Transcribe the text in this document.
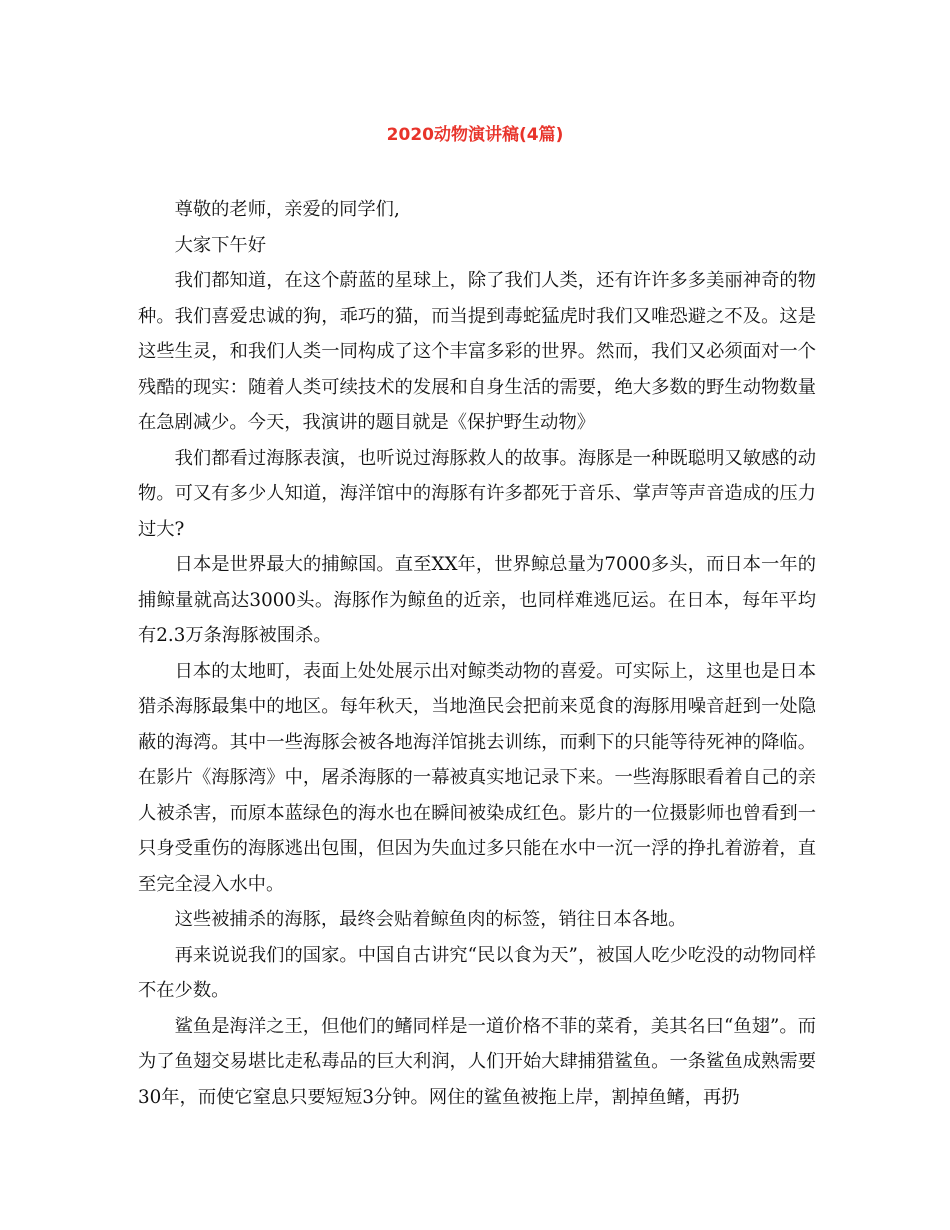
2020动物演讲稿(4篇)

尊敬的老师，亲爱的同学们,

大家下午好

我们都知道，在这个蔚蓝的星球上，除了我们人类，还有许许多多美丽神奇的物种。我们喜爱忠诚的狗，乖巧的猫，而当提到毒蛇猛虎时我们又唯恐避之不及。这是这些生灵，和我们人类一同构成了这个丰富多彩的世界。然而，我们又必须面对一个残酷的现实：随着人类可续技术的发展和自身生活的需要，绝大多数的野生动物数量在急剧减少。今天，我演讲的题目就是《保护野生动物》

我们都看过海豚表演，也听说过海豚救人的故事。海豚是一种既聪明又敏感的动物。可又有多少人知道，海洋馆中的海豚有许多都死于音乐、掌声等声音造成的压力过大?

日本是世界最大的捕鲸国。直至XX年，世界鲸总量为7000多头，而日本一年的捕鲸量就高达3000头。海豚作为鲸鱼的近亲，也同样难逃厄运。在日本，每年平均有2.3万条海豚被围杀。

日本的太地町，表面上处处展示出对鲸类动物的喜爱。可实际上，这里也是日本猎杀海豚最集中的地区。每年秋天，当地渔民会把前来觅食的海豚用噪音赶到一处隐蔽的海湾。其中一些海豚会被各地海洋馆挑去训练，而剩下的只能等待死神的降临。在影片《海豚湾》中，屠杀海豚的一幕被真实地记录下来。一些海豚眼看着自己的亲人被杀害，而原本蓝绿色的海水也在瞬间被染成红色。影片的一位摄影师也曾看到一只身受重伤的海豚逃出包围，但因为失血过多只能在水中一沉一浮的挣扎着游着，直至完全浸入水中。

这些被捕杀的海豚，最终会贴着鲸鱼肉的标签，销往日本各地。

再来说说我们的国家。中国自古讲究“民以食为天”，被国人吃少吃没的动物同样不在少数。

鲨鱼是海洋之王，但他们的鳍同样是一道价格不菲的菜肴，美其名曰“鱼翅”。而为了鱼翅交易堪比走私毒品的巨大利润，人们开始大肆捕猎鲨鱼。一条鲨鱼成熟需要30年，而使它窒息只要短短3分钟。网住的鲨鱼被拖上岸，割掉鱼鳍，再扔
